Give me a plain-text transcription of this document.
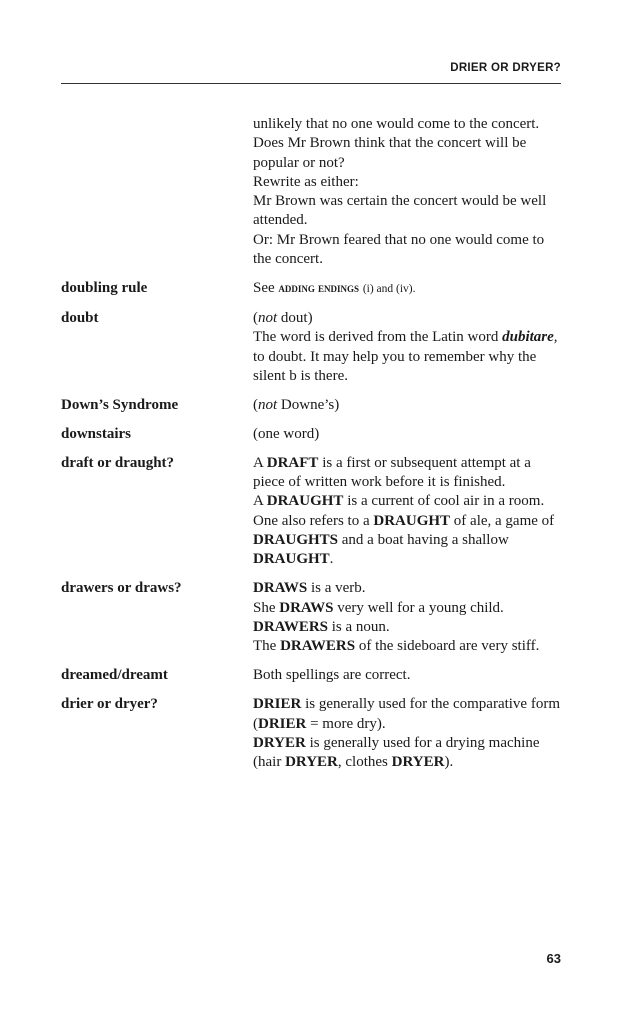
DRIER OR DRYER?

unlikely that no one would come to the concert.

Does Mr Brown think that the concert will be popular or not?

Rewrite as either:

Mr Brown was certain the concert would be well attended.

Or: Mr Brown feared that no one would come to the concert.

doubling rule	See adding endings (i) and (iv).
doubt	(not dout)

The word is derived from the Latin word dubitare, to doubt. It may help you to remember why the silent b is there.

Down’s Syndrome	(not Downe’s)
downstairs	(one word)
draft or draught?	A DRAFT is a first or subsequent attempt at a piece of written work before it is finished.

A DRAUGHT is a current of cool air in a room.

One also refers to a DRAUGHT of ale, a game of DRAUGHTS and a boat having a shallow DRAUGHT.

drawers or draws?	DRAWS is a verb.

She DRAWS very well for a young child.

DRAWERS is a noun.

The DRAWERS of the sideboard are very stiff.

dreamed/dreamt	Both spellings are correct.
drier or dryer?	DRIER is generally used for the comparative form (DRIER = more dry).

DRYER is generally used for a drying machine (hair DRYER, clothes DRYER).

63
